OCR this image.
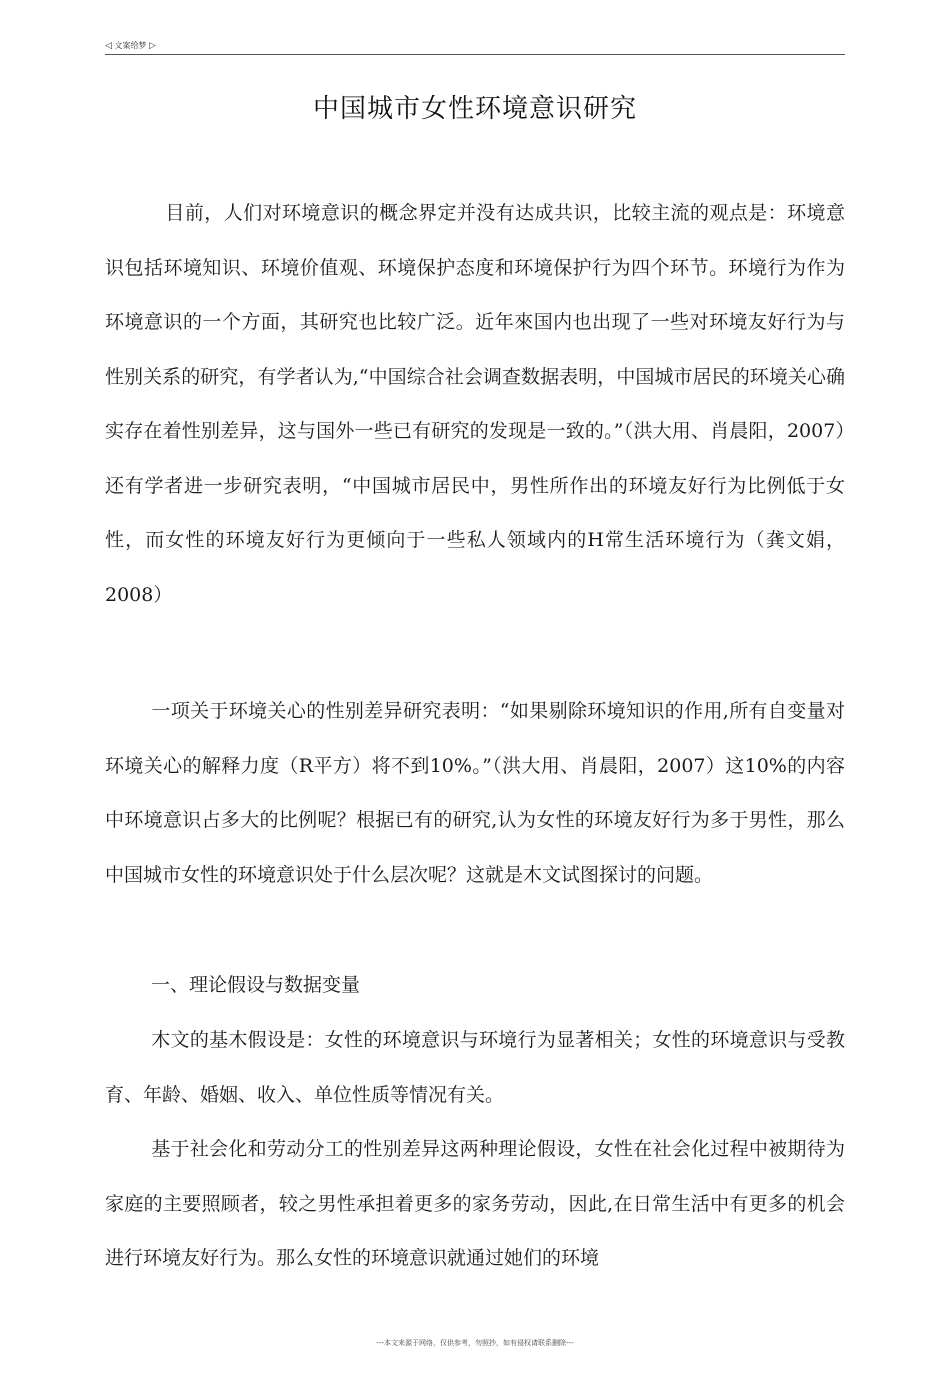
◁ 文案给梦 ▷
中国城市女性环境意识研究

目前，人们对环境意识的概念界定并没有达成共识，比较主流的观点是：环境意识包括环境知识、环境价值观、环境保护态度和环境保护行为四个环节。环境行为作为环境意识的一个方面，其研究也比较广泛。近年來国内也出现了一些对环境友好行为与性别关系的研究，有学者认为,“中国综合社会调查数据表明，中国城市居民的环境关心确实存在着性别差异，这与国外一些已有研究的发现是一致的。”（洪大用、肖晨阳，2007）还有学者进一步研究表明，“中国城市居民中，男性所作出的环境友好行为比例低于女性，而女性的环境友好行为更倾向于一些私人领域内的H常生活环境行为（龚文娟，2008）

一项关于环境关心的性别差异研究表明：“如果剔除环境知识的作用,所有自变量对环境关心的解释力度（R平方）将不到10%。”（洪大用、肖晨阳，2007）这10%的内容中环境意识占多大的比例呢？根据已有的研究,认为女性的环境友好行为多于男性，那么中国城市女性的环境意识处于什么层次呢？这就是木文试图探讨的问题。

一、理论假设与数据变量

木文的基木假设是：女性的环境意识与环境行为显著相关；女性的环境意识与受教育、年龄、婚姻、收入、单位性质等情况有关。

基于社会化和劳动分工的性别差异这两种理论假设，女性在社会化过程中被期待为家庭的主要照顾者，较之男性承担着更多的家务劳动，因此,在日常生活中有更多的机会进行环境友好行为。那么女性的环境意识就通过她们的环境

---本文来源于网络，仅供参考，勿照抄，如有侵权请联系删除---
